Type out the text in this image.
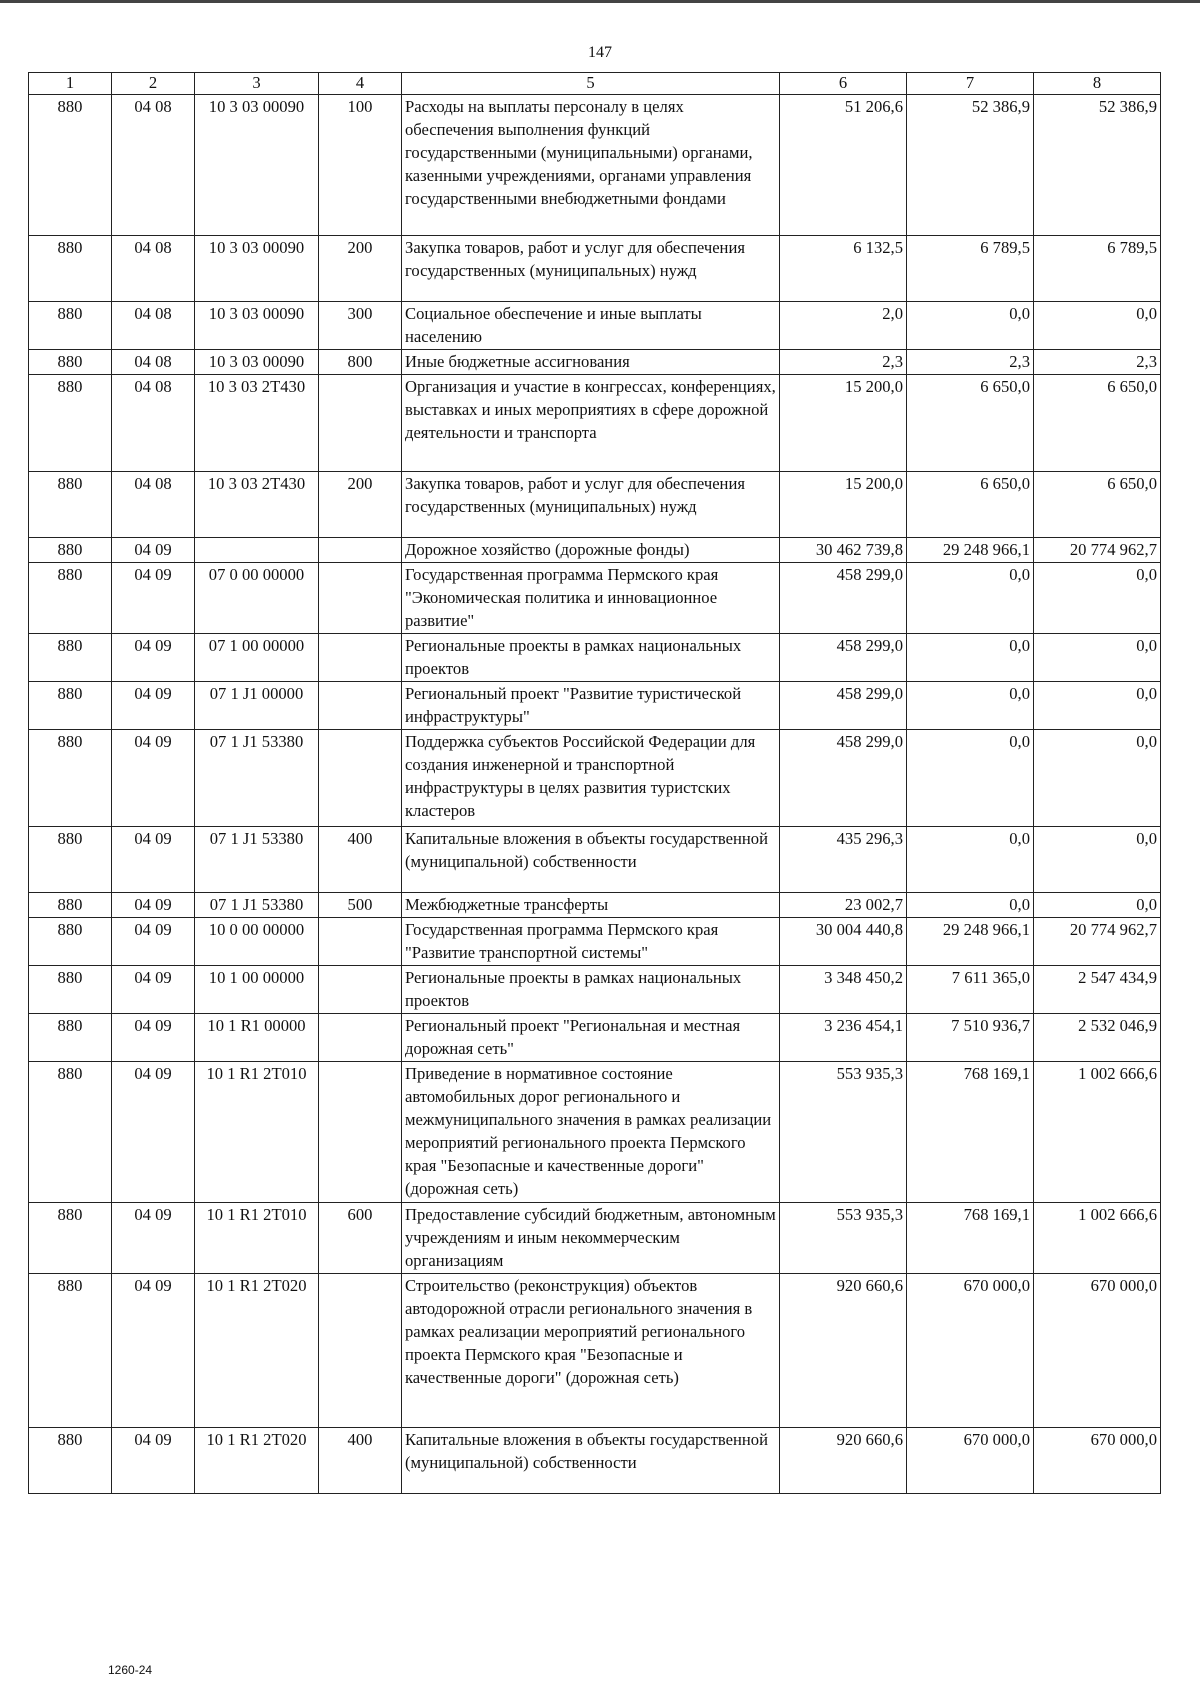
147
1	2	3	4	5	6	7	8
880	04 08	10 3 03 00090	100	Расходы на выплаты персоналу в целях обеспечения выполнения функций государственными (муниципальными) органами, казенными учреждениями, органами управления государственными внебюджетными фондами	51 206,6	52 386,9	52 386,9
880	04 08	10 3 03 00090	200	Закупка товаров, работ и услуг для обеспечения государственных (муниципальных) нужд	6 132,5	6 789,5	6 789,5
880	04 08	10 3 03 00090	300	Социальное обеспечение и иные выплаты населению	2,0	0,0	0,0
880	04 08	10 3 03 00090	800	Иные бюджетные ассигнования	2,3	2,3	2,3
880	04 08	10 3 03 2Т430		Организация и участие в конгрессах, конференциях, выставках и иных мероприятиях в сфере дорожной деятельности и транспорта	15 200,0	6 650,0	6 650,0
880	04 08	10 3 03 2Т430	200	Закупка товаров, работ и услуг для обеспечения государственных (муниципальных) нужд	15 200,0	6 650,0	6 650,0
880	04 09			Дорожное хозяйство (дорожные фонды)	30 462 739,8	29 248 966,1	20 774 962,7
880	04 09	07 0 00 00000		Государственная программа Пермского края "Экономическая политика и инновационное развитие"	458 299,0	0,0	0,0
880	04 09	07 1 00 00000		Региональные проекты в рамках национальных проектов	458 299,0	0,0	0,0
880	04 09	07 1 J1 00000		Региональный проект "Развитие туристической инфраструктуры"	458 299,0	0,0	0,0
880	04 09	07 1 J1 53380		Поддержка субъектов Российской Федерации для создания инженерной и транспортной инфраструктуры в целях развития туристских кластеров	458 299,0	0,0	0,0
880	04 09	07 1 J1 53380	400	Капитальные вложения в объекты государственной (муниципальной) собственности	435 296,3	0,0	0,0
880	04 09	07 1 J1 53380	500	Межбюджетные трансферты	23 002,7	0,0	0,0
880	04 09	10 0 00 00000		Государственная программа Пермского края "Развитие транспортной системы"	30 004 440,8	29 248 966,1	20 774 962,7
880	04 09	10 1 00 00000		Региональные проекты в рамках национальных проектов	3 348 450,2	7 611 365,0	2 547 434,9
880	04 09	10 1 R1 00000		Региональный проект "Региональная и местная дорожная сеть"	3 236 454,1	7 510 936,7	2 532 046,9
880	04 09	10 1 R1 2Т010		Приведение в нормативное состояние автомобильных дорог регионального и межмуниципального значения в рамках реализации мероприятий регионального проекта Пермского края "Безопасные и качественные дороги" (дорожная сеть)	553 935,3	768 169,1	1 002 666,6
880	04 09	10 1 R1 2Т010	600	Предоставление субсидий бюджетным, автономным учреждениям и иным некоммерческим организациям	553 935,3	768 169,1	1 002 666,6
880	04 09	10 1 R1 2Т020		Строительство (реконструкция) объектов автодорожной отрасли регионального значения в рамках реализации мероприятий регионального проекта Пермского края "Безопасные и качественные дороги" (дорожная сеть)	920 660,6	670 000,0	670 000,0
880	04 09	10 1 R1 2Т020	400	Капитальные вложения в объекты государственной (муниципальной) собственности	920 660,6	670 000,0	670 000,0
1260-24
